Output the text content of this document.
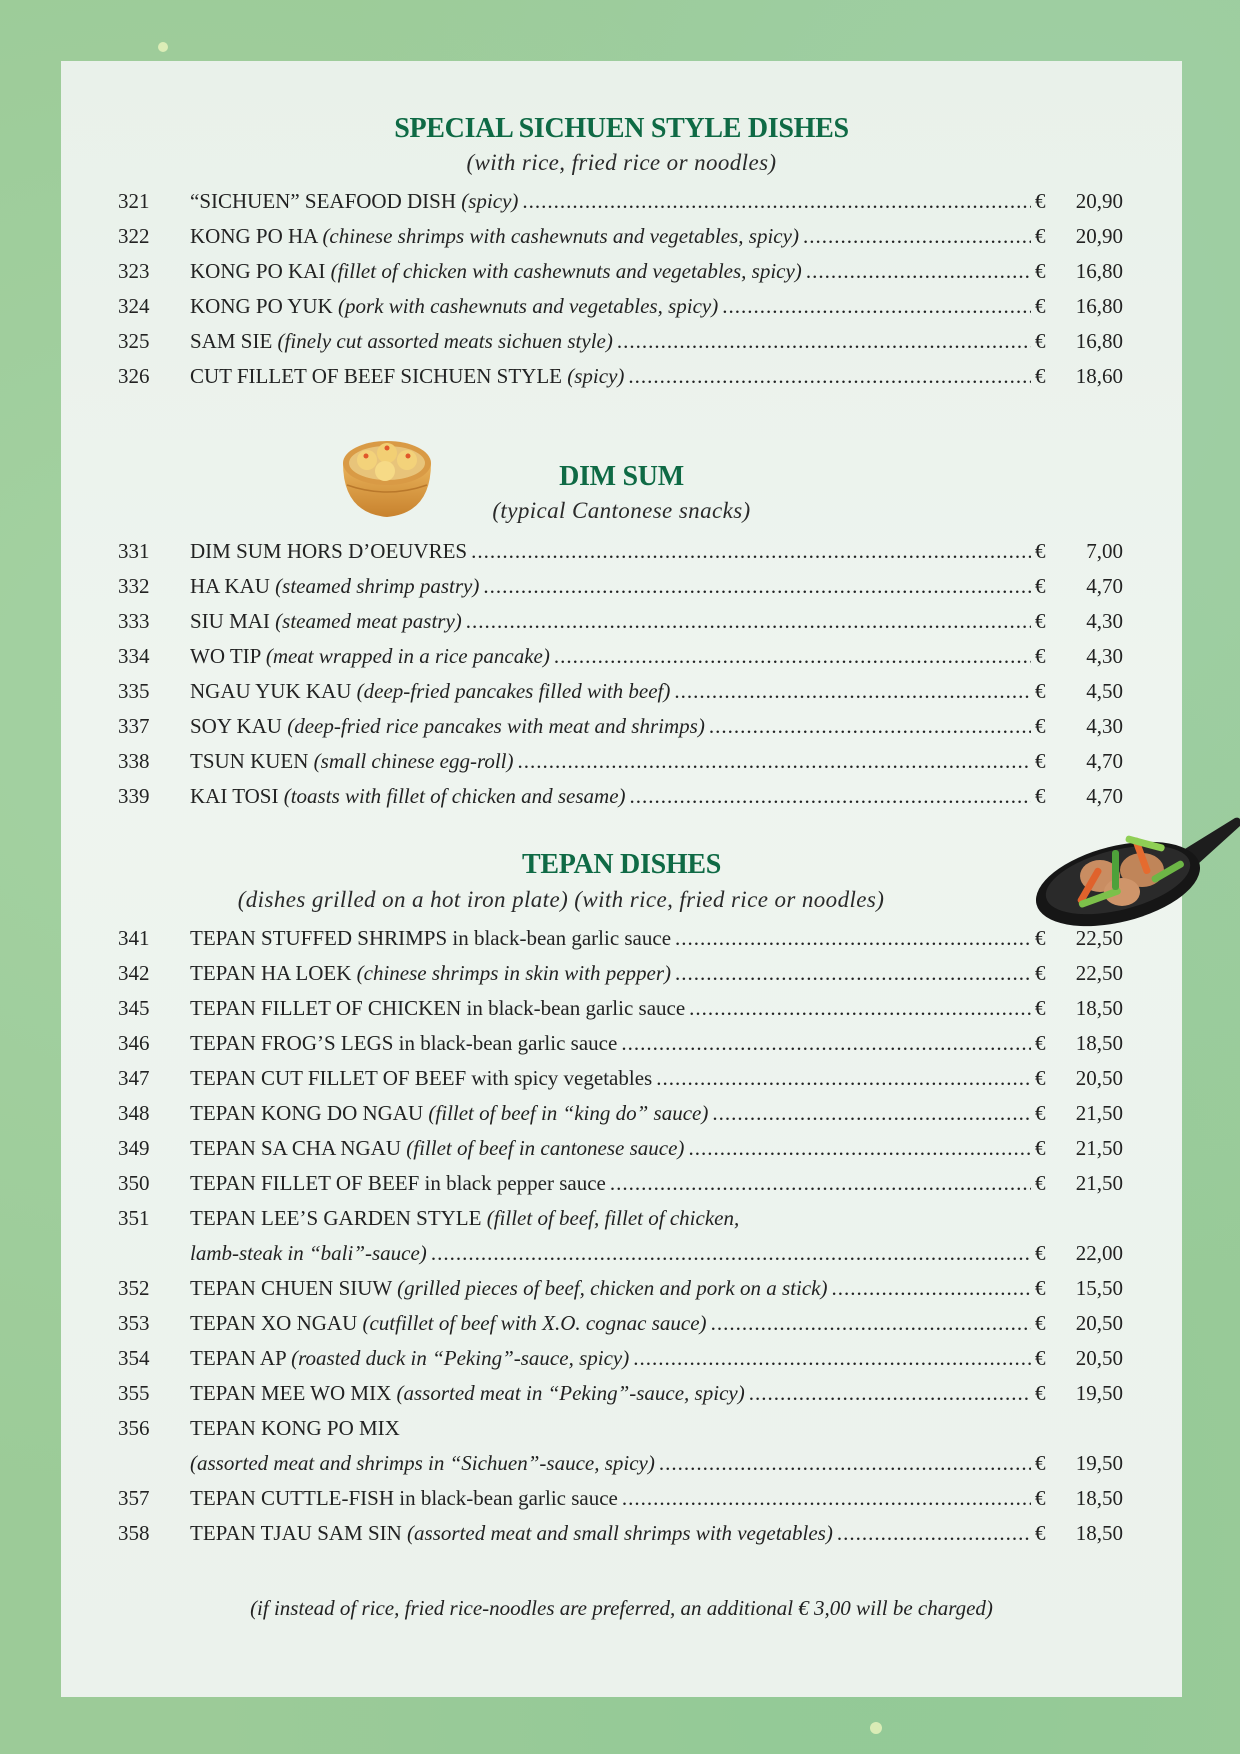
SPECIAL SICHUEN STYLE DISHES
(with rice, fried rice or noodles)
321	“SICHUEN” SEAFOOD DISH (spicy) .....	€	20,90
322	KONG PO HA (chinese shrimps with cashewnuts and vegetables, spicy) .....	€	20,90
323	KONG PO KAI (fillet of chicken with cashewnuts and vegetables, spicy) .....	€	16,80
324	KONG PO YUK (pork with cashewnuts and vegetables, spicy) .....	€	16,80
325	SAM SIE (finely cut assorted meats sichuen style) .....	€	16,80
326	CUT FILLET OF BEEF SICHUEN STYLE (spicy) .....	€	18,60
DIM SUM
(typical Cantonese snacks)
331	DIM SUM HORS D’OEUVRES .....	€	7,00
332	HA KAU (steamed shrimp pastry) .....	€	4,70
333	SIU MAI (steamed meat pastry) .....	€	4,30
334	WO TIP (meat wrapped in a rice pancake) .....	€	4,30
335	NGAU YUK KAU (deep-fried pancakes filled with beef) .....	€	4,50
337	SOY KAU (deep-fried rice pancakes with meat and shrimps) .....	€	4,30
338	TSUN KUEN (small chinese egg-roll) .....	€	4,70
339	KAI TOSI (toasts with fillet of chicken and sesame) .....	€	4,70
TEPAN DISHES
(dishes grilled on a hot iron plate) (with rice, fried rice or noodles)
341	TEPAN STUFFED SHRIMPS in black-bean garlic sauce .....	€	22,50
342	TEPAN HA LOEK (chinese shrimps in skin with pepper) .....	€	22,50
345	TEPAN FILLET OF CHICKEN in black-bean garlic sauce .....	€	18,50
346	TEPAN FROG’S LEGS in black-bean garlic sauce .....	€	18,50
347	TEPAN CUT FILLET OF BEEF with spicy vegetables .....	€	20,50
348	TEPAN KONG DO NGAU (fillet of beef in “king do” sauce) .....	€	21,50
349	TEPAN SA CHA NGAU (fillet of beef in cantonese sauce) .....	€	21,50
350	TEPAN FILLET OF BEEF in black pepper sauce .....	€	21,50
351	TEPAN LEE’S GARDEN STYLE (fillet of beef, fillet of chicken,
lamb-steak in “bali”-sauce) .....	€	22,00
352	TEPAN CHUEN SIUW (grilled pieces of beef, chicken and pork on a stick) .....	€	15,50
353	TEPAN XO NGAU (cutfillet of beef with X.O. cognac sauce) .....	€	20,50
354	TEPAN AP (roasted duck in “Peking”-sauce, spicy) .....	€	20,50
355	TEPAN MEE WO MIX (assorted meat in “Peking”-sauce, spicy) .....	€	19,50
356	TEPAN KONG PO MIX
(assorted meat and shrimps in “Sichuen”-sauce, spicy) .....	€	19,50
357	TEPAN CUTTLE-FISH in black-bean garlic sauce .....	€	18,50
358	TEPAN TJAU SAM SIN (assorted meat and small shrimps with vegetables) .....	€	18,50
(if instead of rice, fried rice-noodles are preferred, an additional € 3,00 will be charged)
